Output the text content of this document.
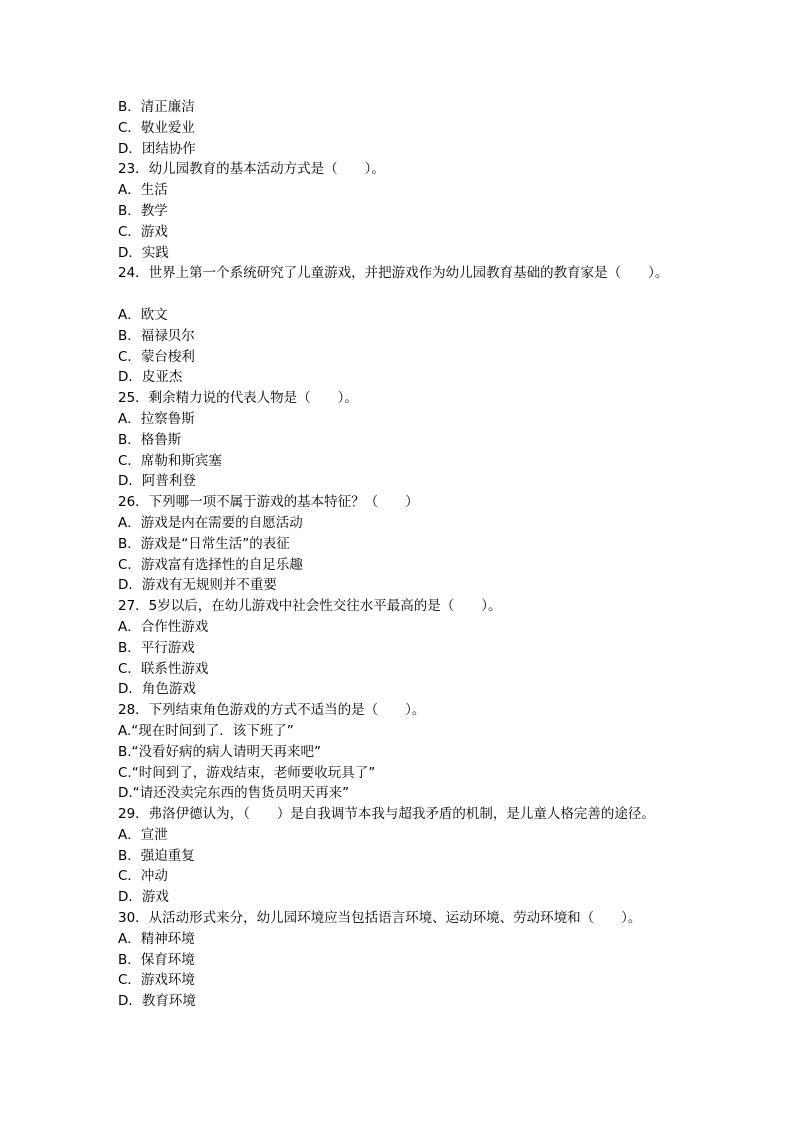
B．清正廉洁
C．敬业爱业
D．团结协作
23．幼儿园教育的基本活动方式是（　　）。
A．生活
B．教学
C．游戏
D．实践
24．世界上第一个系统研究了儿童游戏，并把游戏作为幼儿园教育基础的教育家是（　　）。
A．欧文
B．福禄贝尔
C．蒙台梭利
D．皮亚杰
25．剩余精力说的代表人物是（　　）。
A．拉察鲁斯
B．格鲁斯
C．席勒和斯宾塞
D．阿普利登
26．下列哪一项不属于游戏的基本特征？（　　）
A．游戏是内在需要的自愿活动
B．游戏是“日常生活”的表征
C．游戏富有选择性的自足乐趣
D．游戏有无规则并不重要
27．5岁以后，在幼儿游戏中社会性交往水平最高的是（　　）。
A．合作性游戏
B．平行游戏
C．联系性游戏
D．角色游戏
28．下列结束角色游戏的方式不适当的是（　　）。
A.“现在时间到了．该下班了”
B.“没看好病的病人请明天再来吧”
C.“时间到了，游戏结束，老师要收玩具了”
D.“请还没卖完东西的售货员明天再来”
29．弗洛伊德认为，（　　）是自我调节本我与超我矛盾的机制，是儿童人格完善的途径。
A．宣泄
B．强迫重复
C．冲动
D．游戏
30．从活动形式来分，幼儿园环境应当包括语言环境、运动环境、劳动环境和（　　）。
A．精神环境
B．保育环境
C．游戏环境
D．教育环境
